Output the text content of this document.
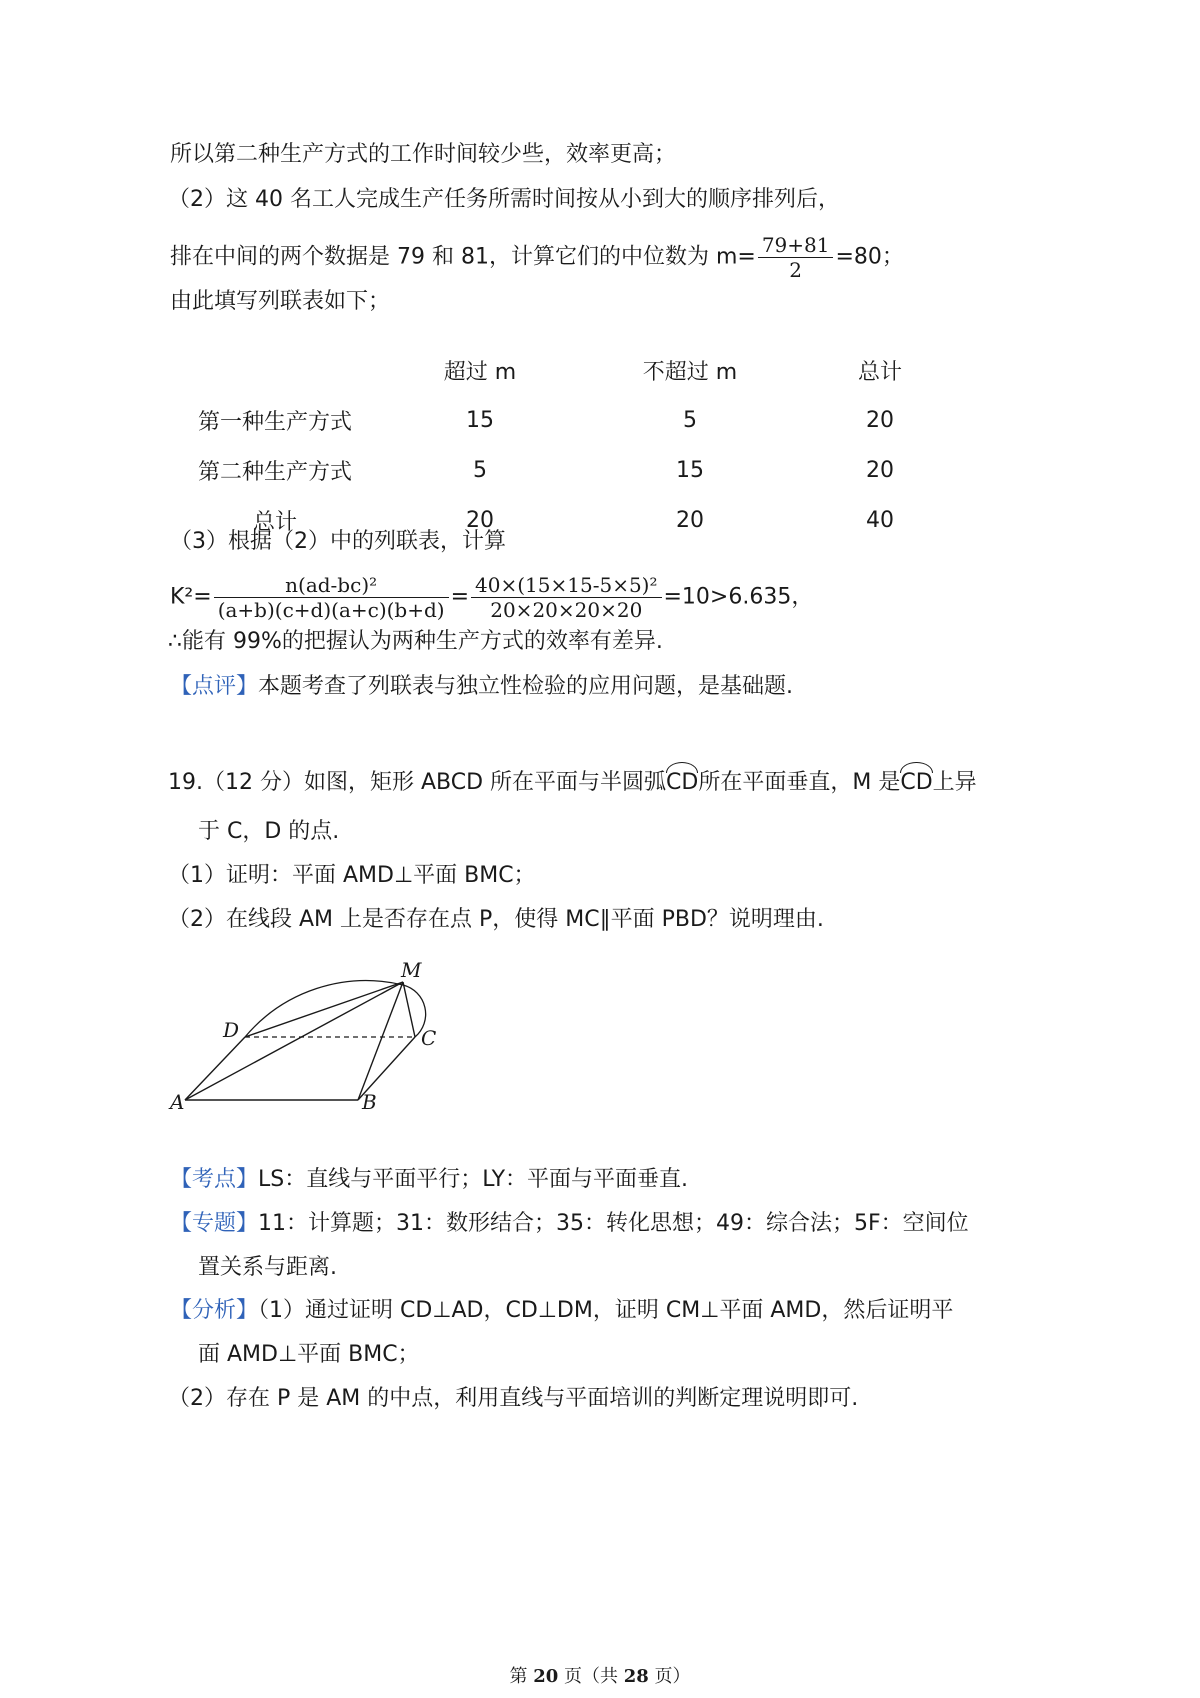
所以第二种生产方式的工作时间较少些，效率更高；
（2）这 40 名工人完成生产任务所需时间按从小到大的顺序排列后，
排在中间的两个数据是 79 和 81，计算它们的中位数为 $m= \frac{79+81}{2} =80$；
由此填写列联表如下；
	超过 m	不超过 m	总计
第一种生产方式	15	5	20
第二种生产方式	5	15	20
总计	20	20	40
（3）根据（2）中的列联表，计算
$K^2= \frac{\text{n(ad-bc)²}}{(a+b)(c+d)(a+c)(b+d)} = \frac{\text{40×(15×15-5×5)²}}{20\times 20\times 20\times 20} =10>6.635$，
∴能有 99%的把握认为两种生产方式的效率有差异.
【点评】本题考查了列联表与独立性检验的应用问题，是基础题.
19.（12 分）如图，矩形 ABCD 所在平面与半圆弧CD所在平面垂直，M 是CD上异
于 C，D 的点.
（1）证明：平面 AMD⊥平面 BMC；
（2）在线段 AM 上是否存在点 P，使得 MC∥平面 PBD？说明理由.
M
D	C
A	B
【考点】LS：直线与平面平行；LY：平面与平面垂直.
【专题】11：计算题；31：数形结合；35：转化思想；49：综合法；5F：空间位
置关系与距离.
【分析】（1）通过证明 CD⊥AD，CD⊥DM，证明 CM⊥平面 AMD，然后证明平
面 AMD⊥平面 BMC；
（2）存在 P 是 AM 的中点，利用直线与平面培训的判断定理说明即可.
第 20 页（共 28 页）
